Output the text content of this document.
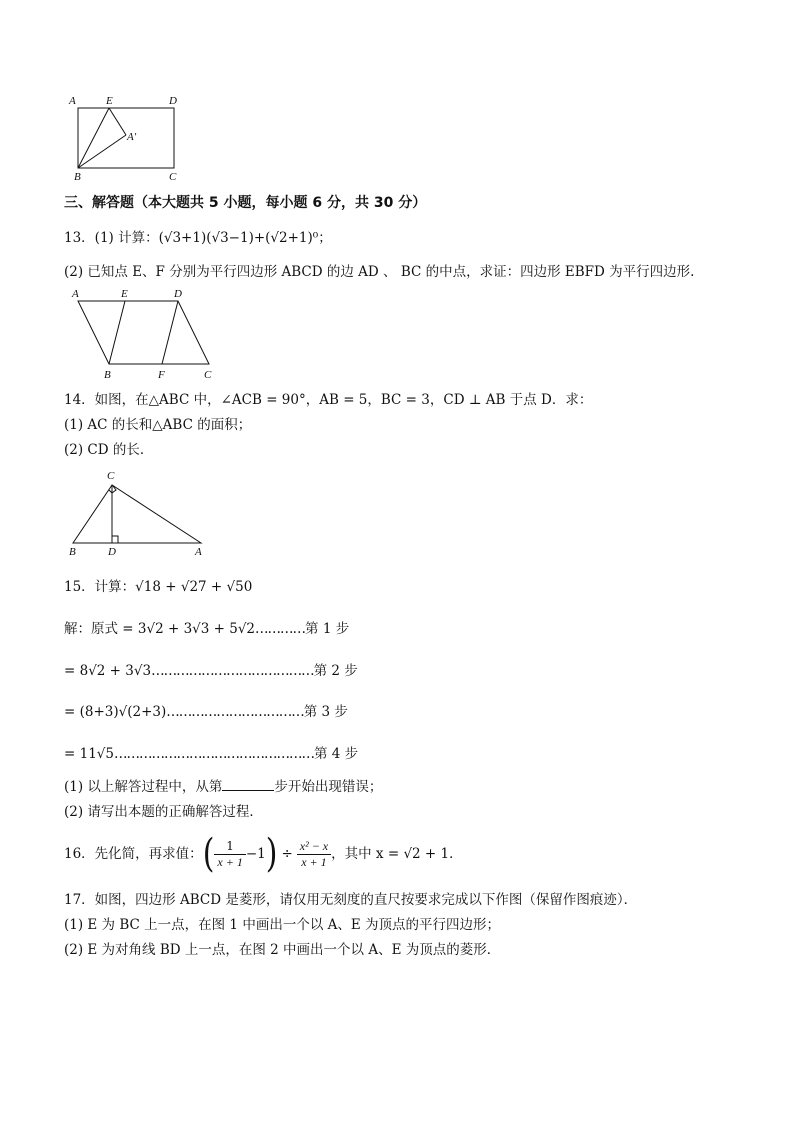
A	E	D
A′
B	C
三、解答题（本大题共 5 小题，每小题 6 分，共 30 分）
13．(1) 计算：(√3+1)(√3−1)+(√2+1)⁰；
(2) 已知点 E、F 分别为平行四边形 ABCD 的边 AD 、 BC 的中点，求证：四边形 EBFD 为平行四边形.
A	E	D
B	F	C
14．如图，在△ABC 中，∠ACB = 90°，AB = 5，BC = 3，CD ⊥ AB 于点 D．求：
(1) AC 的长和△ABC 的面积；
(2) CD 的长．
C
B	D	A
15．计算：√18 + √27 + √50
解：原式 = 3√2 + 3√3 + 5√2…………第 1 步
= 8√2 + 3√3…………………………………第 2 步
= (8+3)√(2+3)……………………………第 3 步
= 11√5…………………………………………第 4 步
(1) 以上解答过程中，从第	步开始出现错误；
(2) 请写出本题的正确解答过程．
16．先化简，再求值：( $\frac{1}{x + 1} -1) \div \frac{\text{x² − x}}{x + 1}$ ，其中 x = √2 + 1．
17．如图，四边形 ABCD 是菱形，请仅用无刻度的直尺按要求完成以下作图（保留作图痕迹）．
(1) E 为 BC 上一点，在图 1 中画出一个以 A、E 为顶点的平行四边形；
(2) E 为对角线 BD 上一点，在图 2 中画出一个以 A、E 为顶点的菱形．
